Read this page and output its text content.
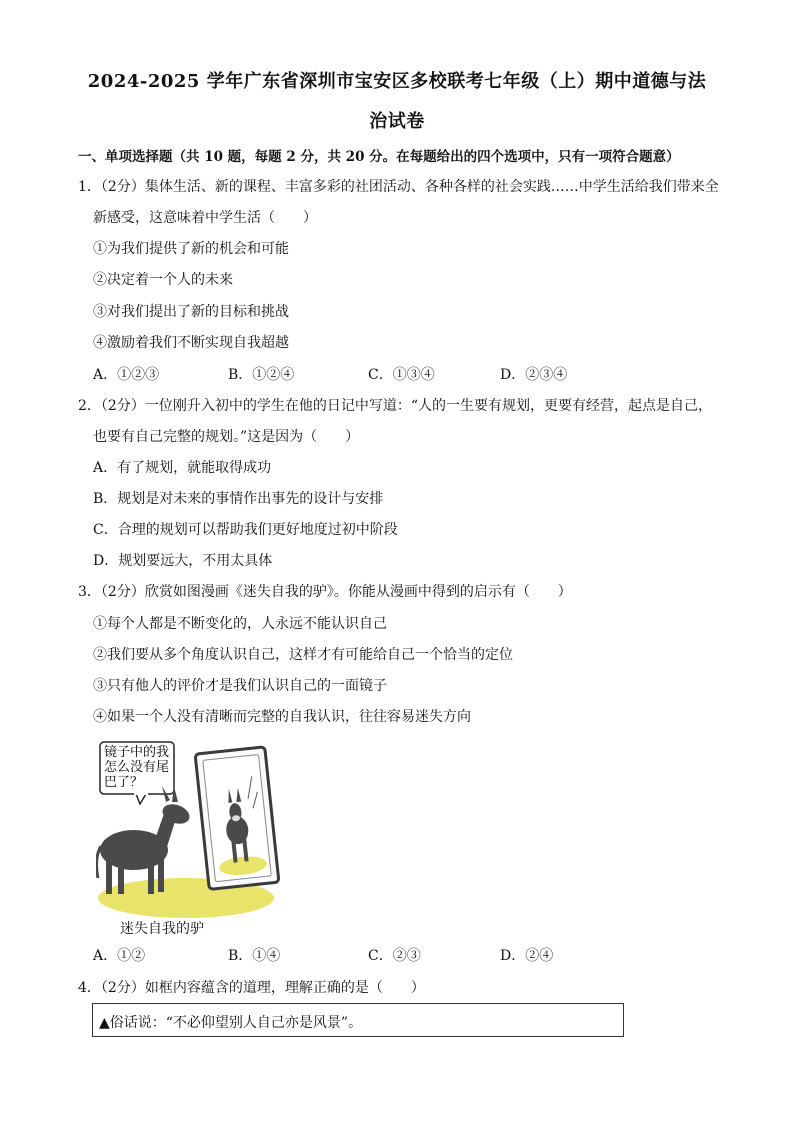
2024-2025 学年广东省深圳市宝安区多校联考七年级（上）期中道德与法
治试卷
一、单项选择题（共 10 题，每题 2 分，共 20 分。在每题给出的四个选项中，只有一项符合题意）
1．（2分）集体生活、新的课程、丰富多彩的社团活动、各种各样的社会实践……中学生活给我们带来全
新感受，这意味着中学生活（　　）
①为我们提供了新的机会和可能
②决定着一个人的未来
③对我们提出了新的目标和挑战
④激励着我们不断实现自我超越
A．①②③	B．①②④	C．①③④	D．②③④
2．（2分）一位刚升入初中的学生在他的日记中写道：“人的一生要有规划，更要有经营，起点是自己，
也要有自己完整的规划。”这是因为（　　）
A．有了规划，就能取得成功
B．规划是对未来的事情作出事先的设计与安排
C．合理的规划可以帮助我们更好地度过初中阶段
D．规划要远大，不用太具体
3．（2分）欣赏如图漫画《迷失自我的驴》。你能从漫画中得到的启示有（　　）
①每个人都是不断变化的，人永远不能认识自己
②我们要从多个角度认识自己，这样才有可能给自己一个恰当的定位
③只有他人的评价才是我们认识自己的一面镜子
④如果一个人没有清晰而完整的自我认识，往往容易迷失方向
镜子中的我
怎么没有尾
巴了？
迷失自我的驴
A．①②	B．①④	C．②③	D．②④
4．（2分）如框内容蕴含的道理，理解正确的是（　　）
▲俗话说：“不必仰望别人自己亦是风景”。
